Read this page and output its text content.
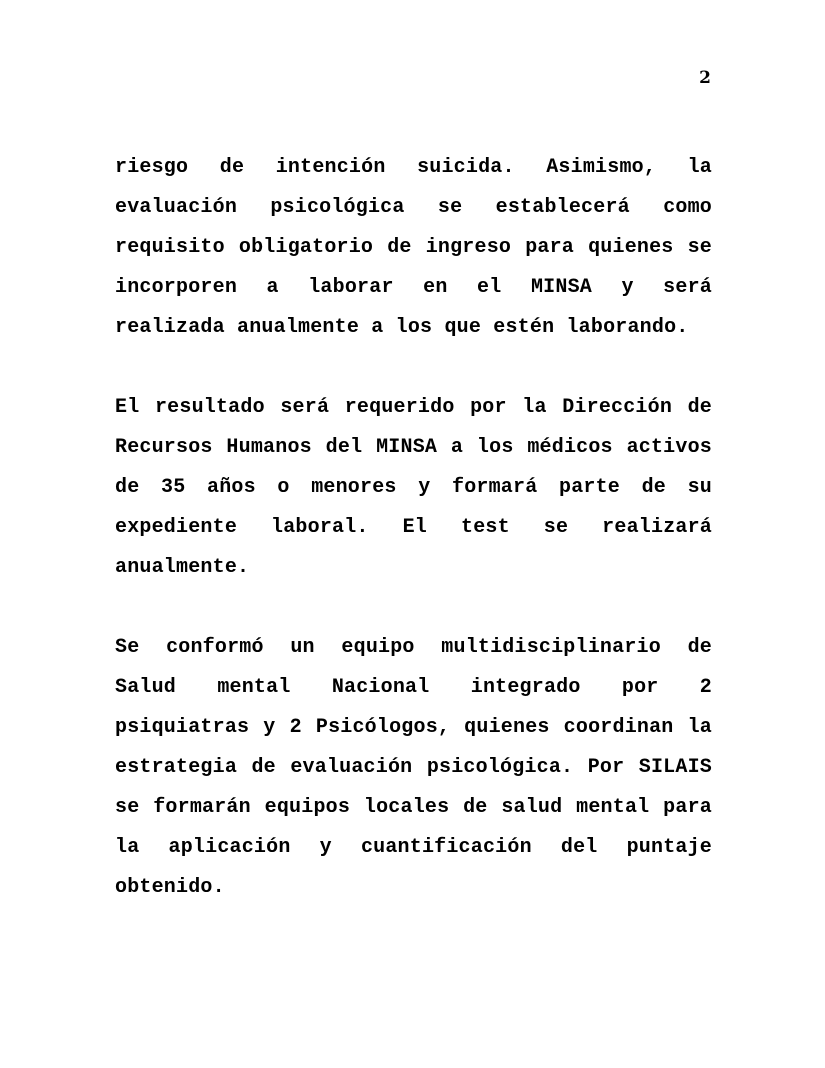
2

riesgo de intención suicida. Asimismo, la evaluación psicológica se establecerá como requisito obligatorio de ingreso para quienes se incorporen a laborar en el MINSA y será realizada anualmente a los que estén laborando.

El resultado será requerido por la Dirección de Recursos Humanos del MINSA a los médicos activos de 35 años o menores y formará parte de su expediente laboral. El test se realizará anualmente.

Se conformó un equipo multidisciplinario de Salud mental Nacional integrado por 2 psiquiatras y 2 Psicólogos, quienes coordinan la estrategia de evaluación psicológica. Por SILAIS se formarán equipos locales de salud mental para la aplicación y cuantificación del puntaje obtenido.
